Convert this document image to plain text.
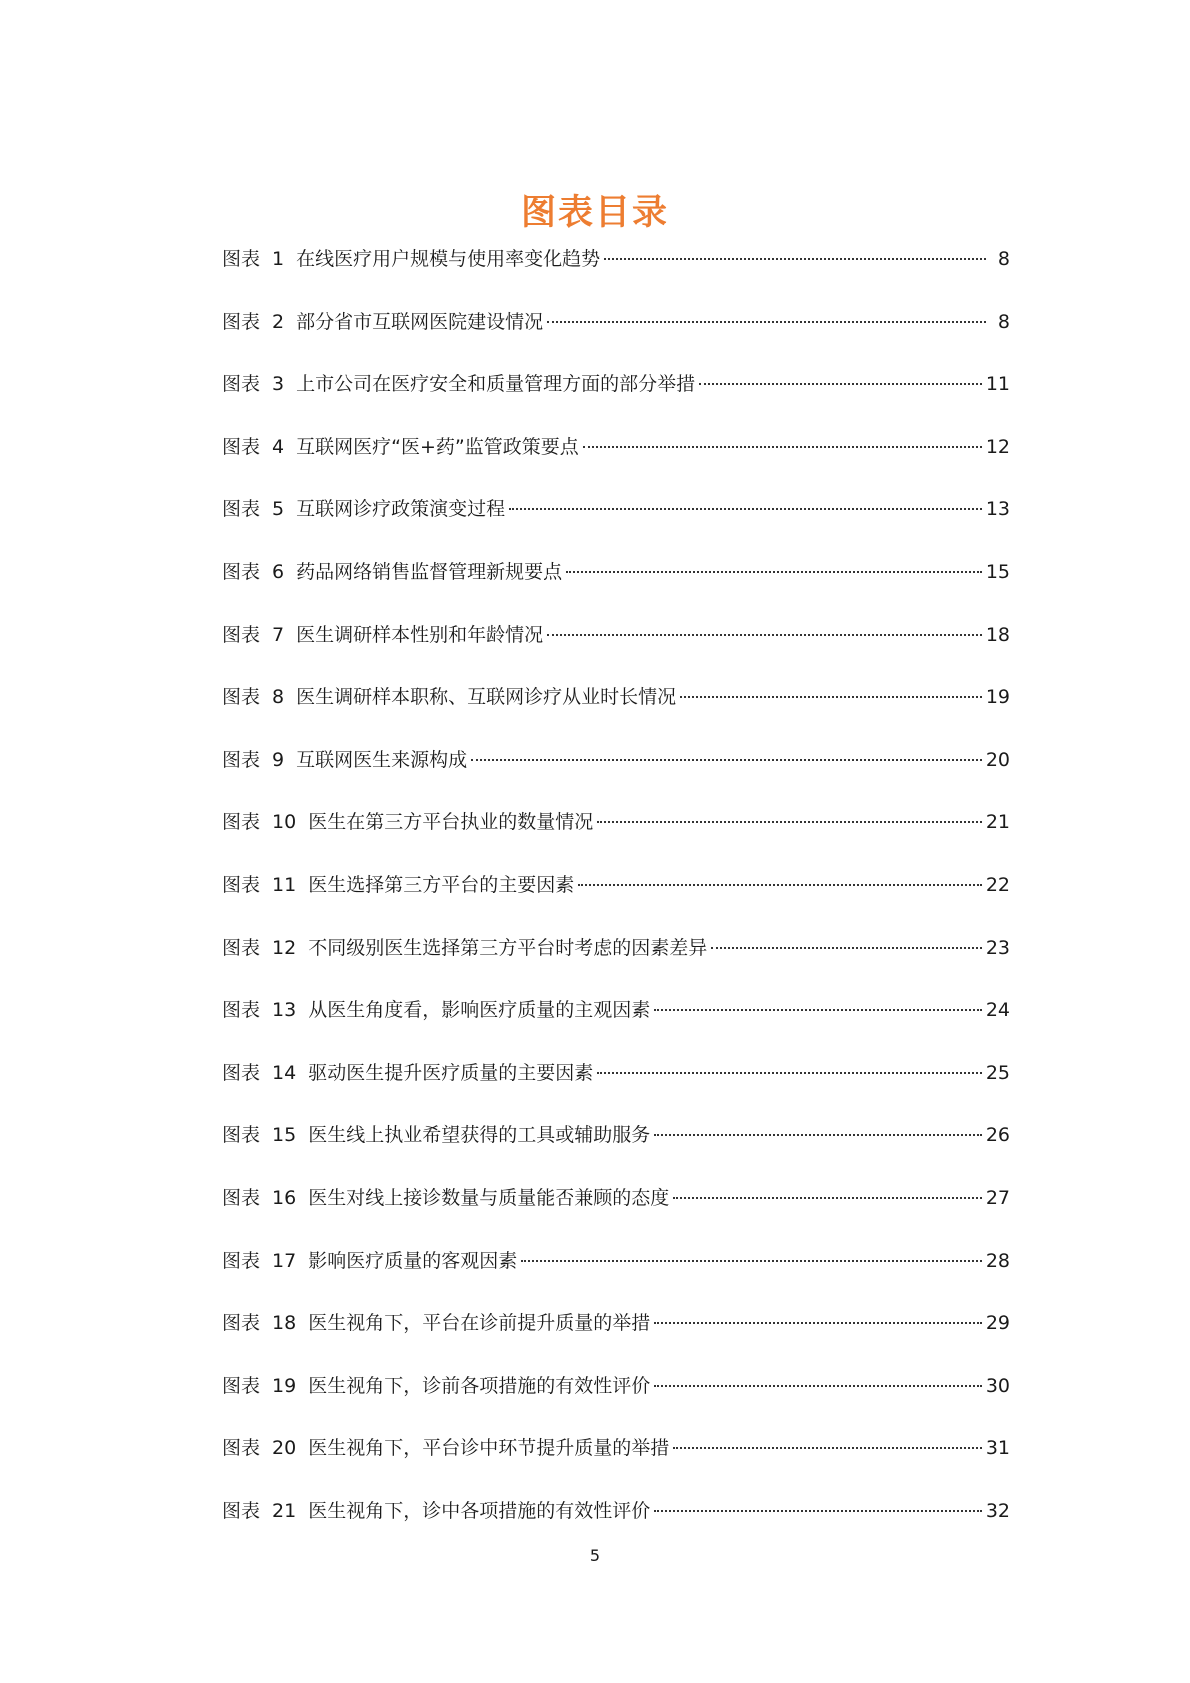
图表目录
图表 1 在线医疗用户规模与使用率变化趋势	8
图表 2 部分省市互联网医院建设情况	8
图表 3 上市公司在医疗安全和质量管理方面的部分举措	11
图表 4 互联网医疗“医+药”监管政策要点	12
图表 5 互联网诊疗政策演变过程	13
图表 6 药品网络销售监督管理新规要点	15
图表 7 医生调研样本性别和年龄情况	18
图表 8 医生调研样本职称、互联网诊疗从业时长情况	19
图表 9 互联网医生来源构成	20
图表 10 医生在第三方平台执业的数量情况	21
图表 11 医生选择第三方平台的主要因素	22
图表 12 不同级别医生选择第三方平台时考虑的因素差异	23
图表 13 从医生角度看，影响医疗质量的主观因素	24
图表 14 驱动医生提升医疗质量的主要因素	25
图表 15 医生线上执业希望获得的工具或辅助服务	26
图表 16 医生对线上接诊数量与质量能否兼顾的态度	27
图表 17 影响医疗质量的客观因素	28
图表 18 医生视角下，平台在诊前提升质量的举措	29
图表 19 医生视角下，诊前各项措施的有效性评价	30
图表 20 医生视角下，平台诊中环节提升质量的举措	31
图表 21 医生视角下，诊中各项措施的有效性评价	32
5
